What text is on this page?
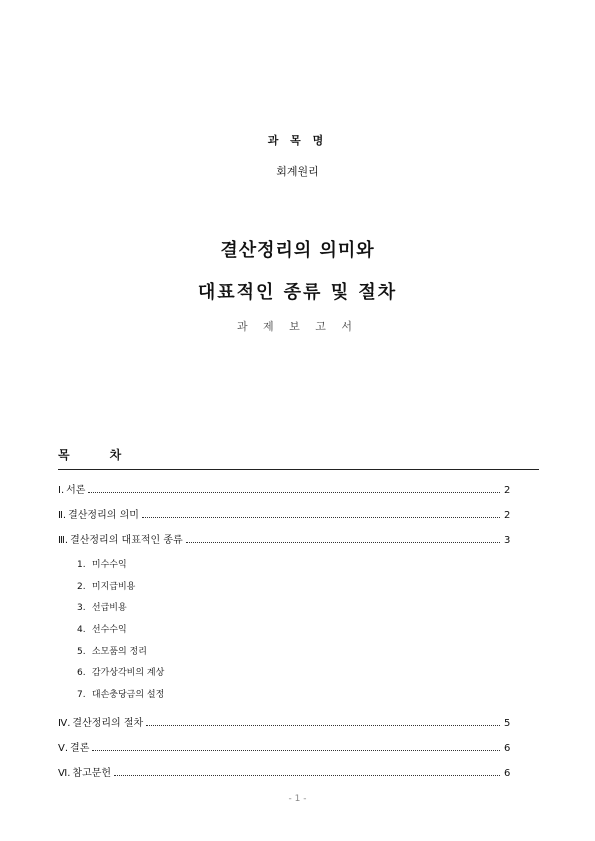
과 목 명
회계원리
결산정리의 의미와
대표적인 종류 및 절차
과 제 보 고 서
목	차
Ⅰ. 서론	2
Ⅱ. 결산정리의 의미	2
Ⅲ. 결산정리의 대표적인 종류	3
1. 미수수익
2. 미지급비용
3. 선급비용
4. 선수수익
5. 소모품의 정리
6. 감가상각비의 계상
7. 대손충당금의 설정
Ⅳ. 결산정리의 절차	5
Ⅴ. 결론	6
Ⅵ. 참고문헌	6
- 1 -
